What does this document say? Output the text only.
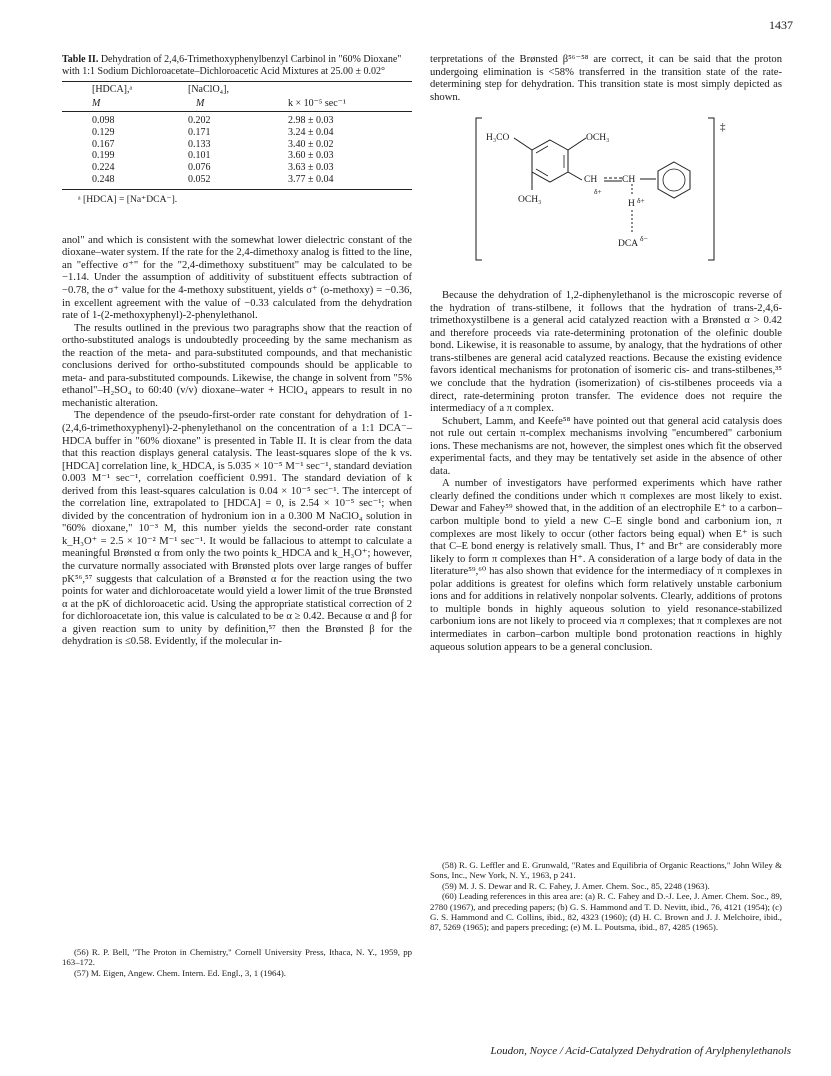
1437
Table II. Dehydration of 2,4,6-Trimethoxyphenylbenzyl Carbinol in "60% Dioxane" with 1:1 Sodium Dichloroacetate–Dichloroacetic Acid Mixtures at 25.00 ± 0.02°
[HDCA],ᵃ	[NaClO₄],	
M	M	k × 10⁻⁵ sec⁻¹
0.098	0.202	2.98 ± 0.03
0.129	0.171	3.24 ± 0.04
0.167	0.133	3.40 ± 0.02
0.199	0.101	3.60 ± 0.03
0.224	0.076	3.63 ± 0.03
0.248	0.052	3.77 ± 0.04
ᵃ [HDCA] = [Na⁺DCA⁻].

anol" and which is consistent with the somewhat lower dielectric constant of the dioxane–water system. If the rate for the 2,4-dimethoxy analog is fitted to the line, an "effective σ⁺" for the "2,4-dimethoxy substituent" may be calculated to be −1.14. Under the assumption of additivity of substituent effects subtraction of −0.78, the σ⁺ value for the 4-methoxy substituent, yields σ⁺ (o-methoxy) = −0.36, in excellent agreement with the value of −0.33 calculated from the dehydration rate of 1-(2-methoxyphenyl)-2-phenylethanol.

The results outlined in the previous two paragraphs show that the reaction of ortho-substituted analogs is undoubtedly proceeding by the same mechanism as the reaction of the meta- and para-substituted compounds, and that mechanistic conclusions derived for ortho-substituted compounds should be applicable to meta- and para-substituted compounds. Likewise, the change in solvent from "5% ethanol"–H₂SO₄ to 60:40 (v/v) dioxane–water + HClO₄ appears to result in no mechanistic alteration.

The dependence of the pseudo-first-order rate constant for dehydration of 1-(2,4,6-trimethoxyphenyl)-2-phenylethanol on the concentration of a 1:1 DCA⁻–HDCA buffer in "60% dioxane" is presented in Table II. It is clear from the data that this reaction displays general catalysis. The least-squares slope of the k vs. [HDCA] correlation line, k_HDCA, is 5.035 × 10⁻⁵ M⁻¹ sec⁻¹, standard deviation 0.003 M⁻¹ sec⁻¹, correlation coefficient 0.991. The standard deviation of k derived from this least-squares calculation is 0.04 × 10⁻⁵ sec⁻¹. The intercept of the correlation line, extrapolated to [HDCA] = 0, is 2.54 × 10⁻⁵ sec⁻¹; when divided by the concentration of hydronium ion in a 0.300 M NaClO₄ solution in "60% dioxane," 10⁻³ M, this number yields the second-order rate constant k_H₃O⁺ = 2.5 × 10⁻² M⁻¹ sec⁻¹. It would be fallacious to attempt to calculate a meaningful Brønsted α from only the two points k_HDCA and k_H₃O⁺; however, the curvature normally associated with Brønsted plots over large ranges of buffer pK⁵⁶,⁵⁷ suggests that calculation of a Brønsted α for the reaction using the two points for water and dichloroacetate would yield a lower limit of the true Brønsted α at the pK of dichloroacetic acid. Using the appropriate statistical correction of 2 for dichloroacetate ion, this value is calculated to be α ≥ 0.42. Because α and β for a given reaction sum to unity by definition,⁵⁷ then the Brønsted β for the dehydration is ≤0.58. Evidently, if the molecular in-

(56) R. P. Bell, "The Proton in Chemistry," Cornell University Press, Ithaca, N. Y., 1959, pp 163–172.

(57) M. Eigen, Angew. Chem. Intern. Ed. Engl., 3, 1 (1964).

terpretations of the Brønsted β⁵⁶⁻⁵⁸ are correct, it can be said that the proton undergoing elimination is <58% transferred in the transition state of the rate-determining step for dehydration. This transition state is most simply depicted as shown.

H₃CO	OCH₃
OCH₃
CH	CH
δ+
H δ+
DCA
δ−
‡

Because the dehydration of 1,2-diphenylethanol is the microscopic reverse of the hydration of trans-stilbene, it follows that the hydration of trans-2,4,6-trimethoxystilbene is a general acid catalyzed reaction with a Brønsted α > 0.42 and therefore proceeds via rate-determining protonation of the olefinic double bond. Likewise, it is reasonable to assume, by analogy, that the hydrations of other trans-stilbenes are general acid catalyzed reactions. Because the existing evidence favors identical mechanisms for protonation of isomeric cis- and trans-stilbenes,³⁵ we conclude that the hydration (isomerization) of cis-stilbenes proceeds via a direct, rate-determining proton transfer. The evidence does not require the intermediacy of a π complex.

Schubert, Lamm, and Keefe⁵⁸ have pointed out that general acid catalysis does not rule out certain π-complex mechanisms involving "encumbered" carbonium ions. These mechanisms are not, however, the simplest ones which fit the observed experimental facts, and they may be tentatively set aside in the absence of other data.

A number of investigators have performed experiments which have rather clearly defined the conditions under which π complexes are most likely to exist. Dewar and Fahey⁵⁹ showed that, in the addition of an electrophile E⁺ to a carbon–carbon multiple bond to yield a new C–E single bond and carbonium ion, π complexes are most likely to occur (other factors being equal) when E⁺ is such that C–E bond energy is relatively small. Thus, I⁺ and Br⁺ are considerably more likely to form π complexes than H⁺. A consideration of a large body of data in the literature⁵⁹,⁶⁰ has also shown that evidence for the intermediacy of π complexes in polar additions is greatest for olefins which form relatively unstable carbonium ions and for additions in relatively nonpolar solvents. Clearly, additions of protons to multiple bonds in highly aqueous solution to yield resonance-stabilized carbonium ions are not likely to proceed via π complexes; that π complexes are not intermediates in carbon–carbon multiple bond protonation reactions in highly aqueous solution appears to be a general conclusion.

(58) R. G. Leffler and E. Grunwald, "Rates and Equilibria of Organic Reactions," John Wiley & Sons, Inc., New York, N. Y., 1963, p 241.

(59) M. J. S. Dewar and R. C. Fahey, J. Amer. Chem. Soc., 85, 2248 (1963).

(60) Leading references in this area are: (a) R. C. Fahey and D.-J. Lee, J. Amer. Chem. Soc., 89, 2780 (1967), and preceding papers; (b) G. S. Hammond and T. D. Nevitt, ibid., 76, 4121 (1954); (c) G. S. Hammond and C. Collins, ibid., 82, 4323 (1960); (d) H. C. Brown and J. J. Melchoire, ibid., 87, 5269 (1965); and papers preceding; (e) M. L. Poutsma, ibid., 87, 4285 (1965).

Loudon, Noyce / Acid-Catalyzed Dehydration of Arylphenylethanols
